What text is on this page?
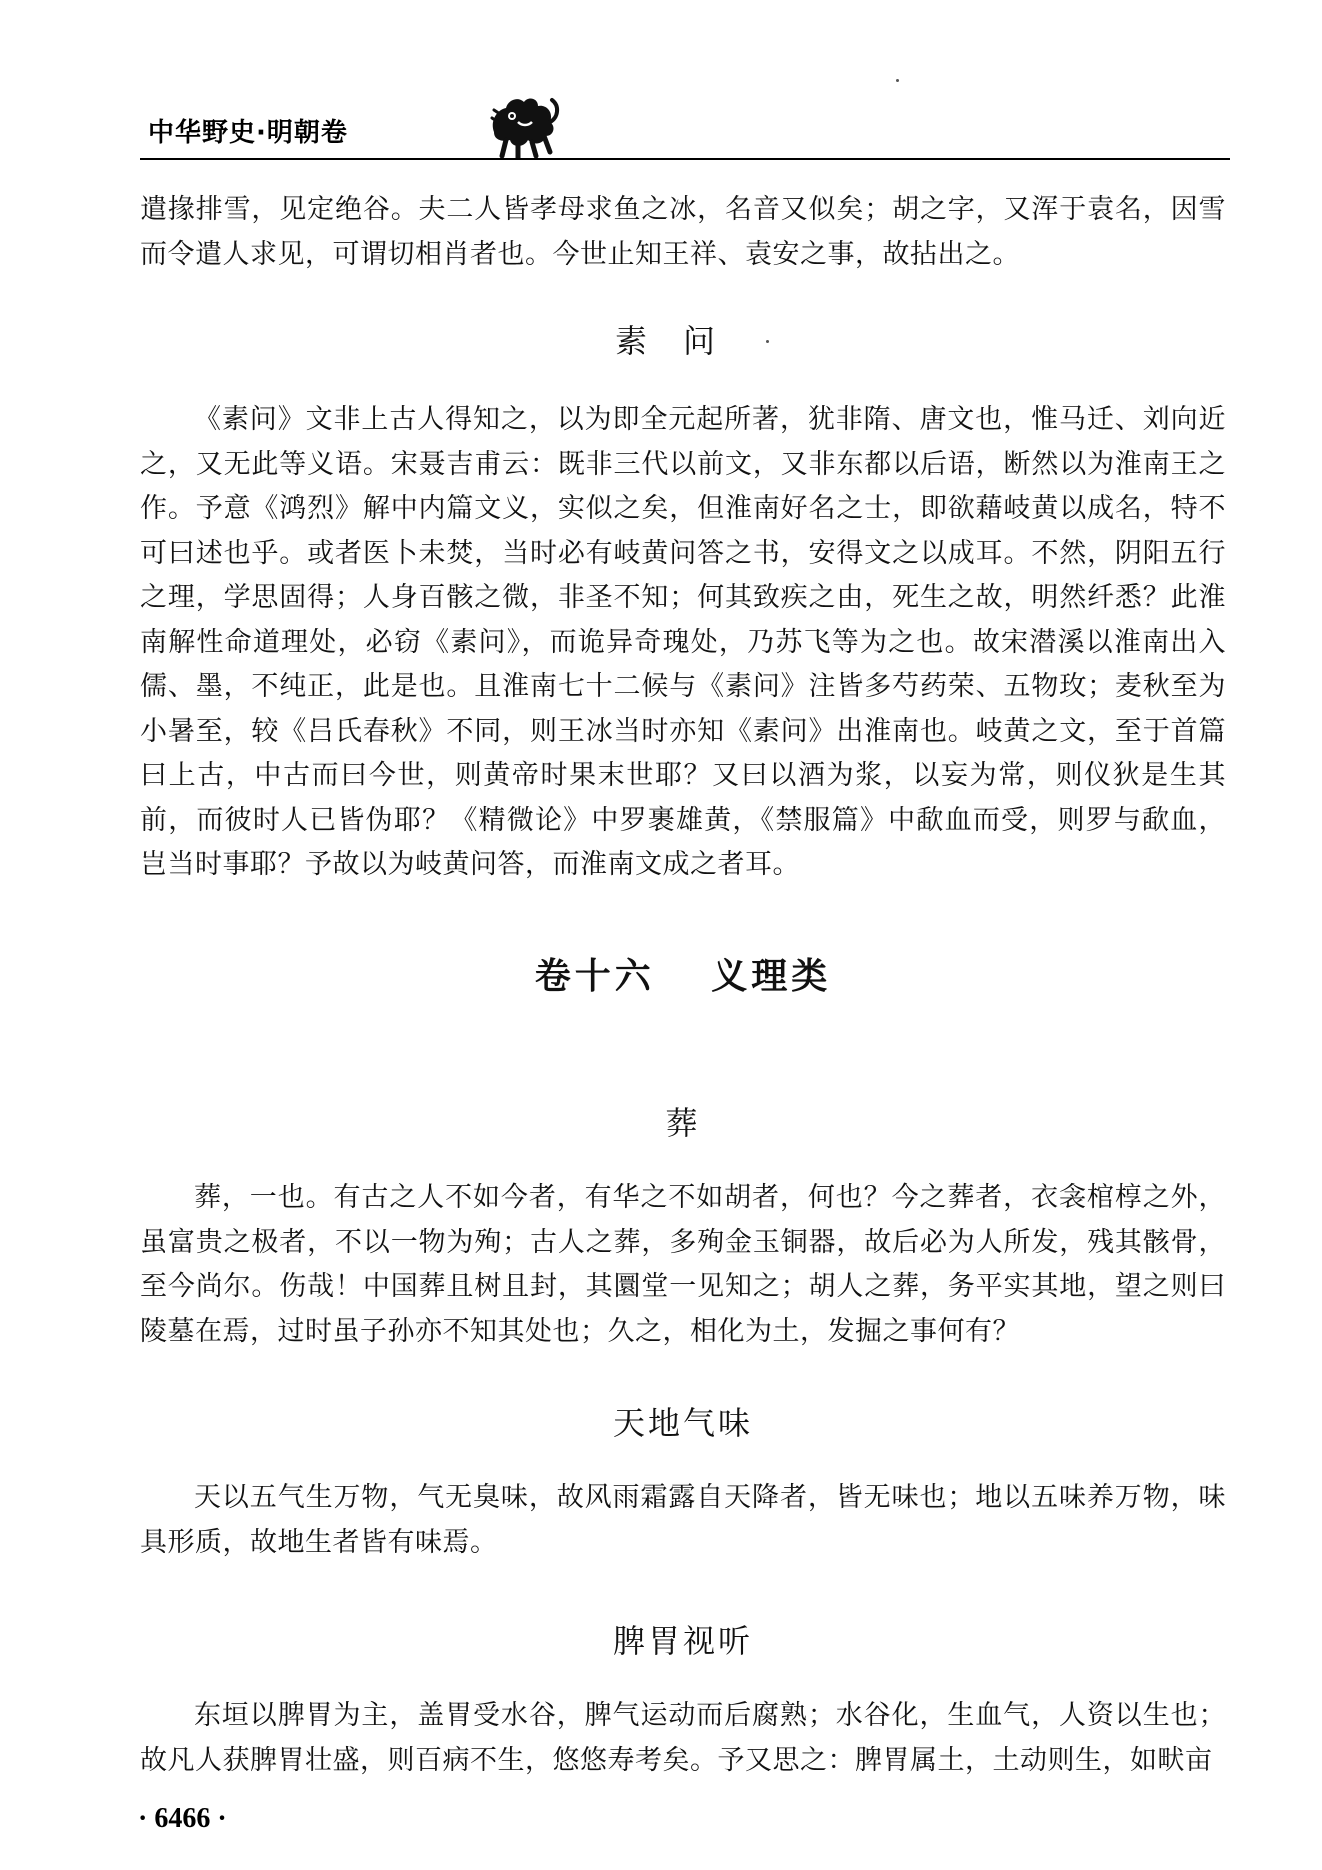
中华野史·明朝卷

遣掾排雪，见定绝谷。夫二人皆孝母求鱼之冰，名音又似矣；胡之字，又浑于袁名，因雪而令遣人求见，可谓切相肖者也。今世止知王祥、袁安之事，故拈出之。

素问

《素问》文非上古人得知之，以为即全元起所著，犹非隋、唐文也，惟马迁、刘向近之，又无此等义语。宋聂吉甫云：既非三代以前文，又非东都以后语，断然以为淮南王之作。予意《鸿烈》解中内篇文义，实似之矣，但淮南好名之士，即欲藉岐黄以成名，特不可曰述也乎。或者医卜未焚，当时必有岐黄问答之书，安得文之以成耳。不然，阴阳五行之理，学思固得；人身百骸之微，非圣不知；何其致疾之由，死生之故，明然纤悉？此淮南解性命道理处，必窃《素问》，而诡异奇瑰处，乃苏飞等为之也。故宋潜溪以淮南出入儒、墨，不纯正，此是也。且淮南七十二候与《素问》注皆多芍药荣、五物玫；麦秋至为小暑至，较《吕氏春秋》不同，则王冰当时亦知《素问》出淮南也。岐黄之文，至于首篇曰上古，中古而曰今世，则黄帝时果末世耶？又曰以酒为浆，以妄为常，则仪狄是生其前，而彼时人已皆伪耶？《精微论》中罗裹雄黄，《禁服篇》中歃血而受，则罗与歃血，岂当时事耶？予故以为岐黄问答，而淮南文成之者耳。

卷十六 义理类
葬

葬，一也。有古之人不如今者，有华之不如胡者，何也？今之葬者，衣衾棺椁之外，虽富贵之极者，不以一物为殉；古人之葬，多殉金玉铜器，故后必为人所发，残其骸骨，至今尚尔。伤哉！中国葬且树且封，其圜堂一见知之；胡人之葬，务平实其地，望之则曰陵墓在焉，过时虽子孙亦不知其处也；久之，相化为土，发掘之事何有？

天地气味

天以五气生万物，气无臭味，故风雨霜露自天降者，皆无味也；地以五味养万物，味具形质，故地生者皆有味焉。

脾胃视听

东垣以脾胃为主，盖胃受水谷，脾气运动而后腐熟；水谷化，生血气，人资以生也；故凡人获脾胃壮盛，则百病不生，悠悠寿考矣。予又思之：脾胃属土，土动则生，如畎亩

· 6466 ·
